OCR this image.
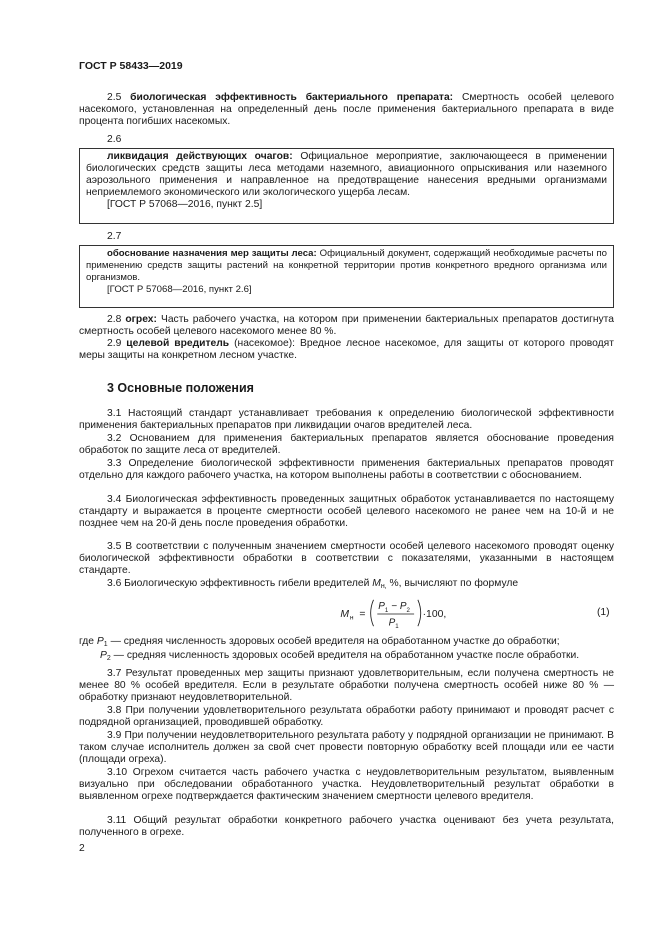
ГОСТ Р 58433—2019
2.5 биологическая эффективность бактериального препарата: Смертность особей целевого насекомого, установленная на определенный день после применения бактериального препарата в виде процента погибших насекомых.
2.6
ликвидация действующих очагов: Официальное мероприятие, заключающееся в применении биологических средств защиты леса методами наземного, авиационного опрыскивания или наземного аэрозольного применения и направленное на предотвращение нанесения вредными организмами неприемлемого экономического или экологического ущерба лесам.
[ГОСТ Р 57068—2016, пункт 2.5]
2.7
обоснование назначения мер защиты леса: Официальный документ, содержащий необходимые расчеты по применению средств защиты растений на конкретной территории против конкретного вредного организма или организмов.
[ГОСТ Р 57068—2016, пункт 2.6]
2.8 огрех: Часть рабочего участка, на котором при применении бактериальных препаратов достигнута смертность особей целевого насекомого менее 80 %.
2.9 целевой вредитель (насекомое): Вредное лесное насекомое, для защиты от которого проводят меры защиты на конкретном лесном участке.
3 Основные положения
3.1 Настоящий стандарт устанавливает требования к определению биологической эффективности применения бактериальных препаратов при ликвидации очагов вредителей леса.
3.2 Основанием для применения бактериальных препаратов является обоснование проведения обработок по защите леса от вредителей.
3.3 Определение биологической эффективности применения бактериальных препаратов проводят отдельно для каждого рабочего участка, на котором выполнены работы в соответствии с обоснованием.
3.4 Биологическая эффективность проведенных защитных обработок устанавливается по настоящему стандарту и выражается в проценте смертности особей целевого насекомого не ранее чем на 10-й и не позднее чем на 20-й день после проведения обработки.
3.5 В соответствии с полученным значением смертности особей целевого насекомого проводят оценку биологической эффективности обработки в соответствии с показателями, указанными в настоящем стандарте.
3.6 Биологическую эффективность гибели вредителей $M_{н,}$ %, вычисляют по формуле
M н =
P 1 − P 2
P 1
·100,	(1)
где $P_1$ — средняя численность здоровых особей вредителя на обработанном участке до обработки;
$P_2$ — средняя численность здоровых особей вредителя на обработанном участке после обработки.
3.7 Результат проведенных мер защиты признают удовлетворительным, если получена смертность не менее 80 % особей вредителя. Если в результате обработки получена смертность особей ниже 80 % — обработку признают неудовлетворительной.
3.8 При получении удовлетворительного результата обработки работу принимают и проводят расчет с подрядной организацией, проводившей обработку.
3.9 При получении неудовлетворительного результата работу у подрядной организации не принимают. В таком случае исполнитель должен за свой счет провести повторную обработку всей площади или ее части (площади огреха).
3.10 Огрехом считается часть рабочего участка с неудовлетворительным результатом, выявленным визуально при обследовании обработанного участка. Неудовлетворительный результат обработки в выявленном огрехе подтверждается фактическим значением смертности целевого вредителя.
3.11 Общий результат обработки конкретного рабочего участка оценивают без учета результата, полученного в огрехе.
2
